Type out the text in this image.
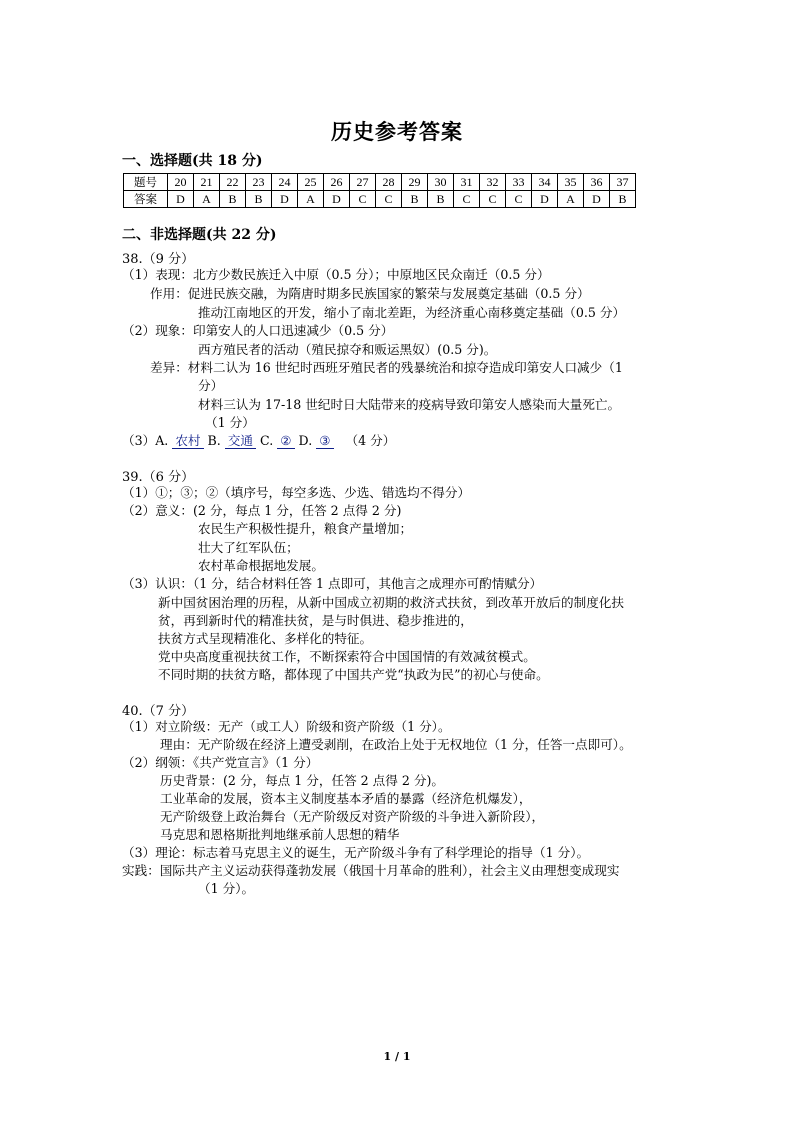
历史参考答案
一、选择题(共 18 分)
题号	20	21	22	23	24	25	26	27	28	29	30	31	32	33	34	35	36	37
答案	D	A	B	B	D	A	D	C	C	B	B	C	C	C	D	A	D	B
二、非选择题(共 22 分)
38.（9 分）
（1）表现：北方少数民族迁入中原（0.5 分）；中原地区民众南迁（0.5 分）
作用：促进民族交融，为隋唐时期多民族国家的繁荣与发展奠定基础（0.5 分）
推动江南地区的开发，缩小了南北差距，为经济重心南移奠定基础（0.5 分）
（2）现象：印第安人的人口迅速减少（0.5 分）
西方殖民者的活动（殖民掠夺和贩运黑奴）(0.5 分)。
差异：材料二认为 16 世纪时西班牙殖民者的残暴统治和掠夺造成印第安人口减少（1
分）
材料三认为 17-18 世纪时日大陆带来的疫病导致印第安人感染而大量死亡。
（1 分）
（3）A. 农村 B. 交通 C. ② D. ③ （4 分）
39.（6 分）
（1）①；③；②（填序号，每空多选、少选、错选均不得分）
（2）意义：(2 分，每点 1 分，任答 2 点得 2 分)
农民生产积极性提升，粮食产量增加；
壮大了红军队伍；
农村革命根据地发展。
（3）认识：（1 分，结合材料任答 1 点即可，其他言之成理亦可酌情赋分）
新中国贫困治理的历程，从新中国成立初期的救济式扶贫，到改革开放后的制度化扶
贫，再到新时代的精准扶贫，是与时俱进、稳步推进的，
扶贫方式呈现精准化、多样化的特征。
党中央高度重视扶贫工作，不断探索符合中国国情的有效减贫模式。
不同时期的扶贫方略，都体现了中国共产党“执政为民”的初心与使命。
40.（7 分）
（1）对立阶级：无产（或工人）阶级和资产阶级（1 分）。
理由：无产阶级在经济上遭受剥削，在政治上处于无权地位（1 分，任答一点即可）。
（2）纲领：《共产党宣言》（1 分）
历史背景：(2 分，每点 1 分，任答 2 点得 2 分)。
工业革命的发展，资本主义制度基本矛盾的暴露（经济危机爆发），
无产阶级登上政治舞台（无产阶级反对资产阶级的斗争进入新阶段），
马克思和恩格斯批判地继承前人思想的精华
（3）理论：标志着马克思主义的诞生，无产阶级斗争有了科学理论的指导（1 分）。
实践：国际共产主义运动获得蓬勃发展（俄国十月革命的胜利），社会主义由理想变成现实
（1 分）。
1 / 1
